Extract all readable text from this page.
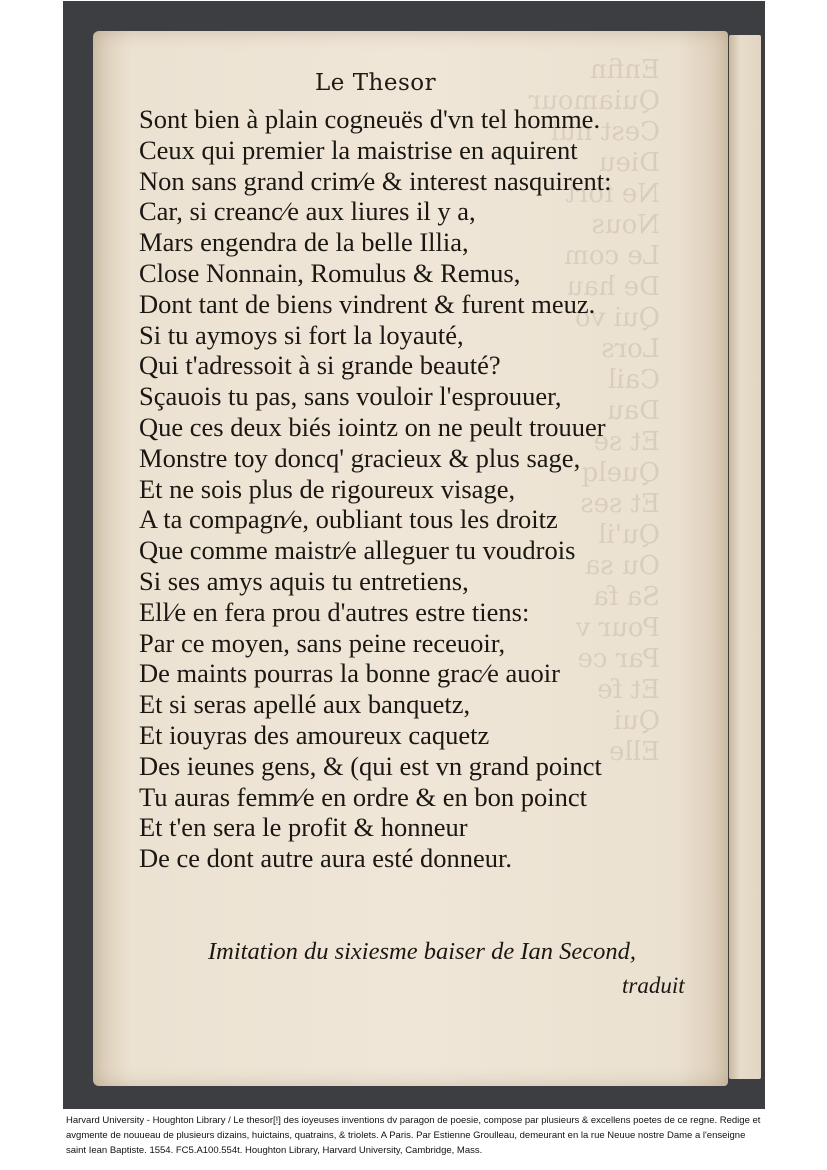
Le Thesor
Sont bien à plain cogneuës d'vn tel homme.
Ceux qui premier la maistrise en aquirent
Non sans grand crim∕e & interest nasquirent:
Car, si creanc∕e aux liures il y a,
Mars engendra de la belle Illia,
Close Nonnain, Romulus & Remus,
Dont tant de biens vindrent & furent meuz.
Si tu aymoys si fort la loyauté,
Qui t'adressoit à si grande beauté?
Sçauois tu pas, sans vouloir l'esprouuer,
Que ces deux biés iointz on ne peult trouuer
Monstre toy doncq' gracieux & plus sage,
Et ne sois plus de rigoureux visage,
A ta compagn∕e, oubliant tous les droitz
Que comme maistr∕e alleguer tu voudrois
Si ses amys aquis tu entretiens,
Ell∕e en fera prou d'autres estre tiens:
Par ce moyen, sans peine receuoir,
De maints pourras la bonne grac∕e auoir
Et si seras apellé aux banquetz,
Et iouyras des amoureux caquetz
Des ieunes gens, & (qui est vn grand poinct
Tu auras femm∕e en ordre & en bon poinct
Et t'en sera le profit & honneur
De ce dont autre aura esté donneur.
Imitation du sixiesme baiser de Ian Second,
traduit
Harvard University - Houghton Library / Le thesor[!] des ioyeuses inventions dv paragon de poesie, compose par plusieurs & excellens poetes de ce regne. Redige et avgmente de nouueau de plusieurs dizains, huictains, quatrains, & triolets. A Paris. Par Estienne Groulleau, demeurant en la rue Neuue nostre Dame a l'enseigne saint Iean Baptiste. 1554. FC5.A100.554t. Houghton Library, Harvard University, Cambridge, Mass.
